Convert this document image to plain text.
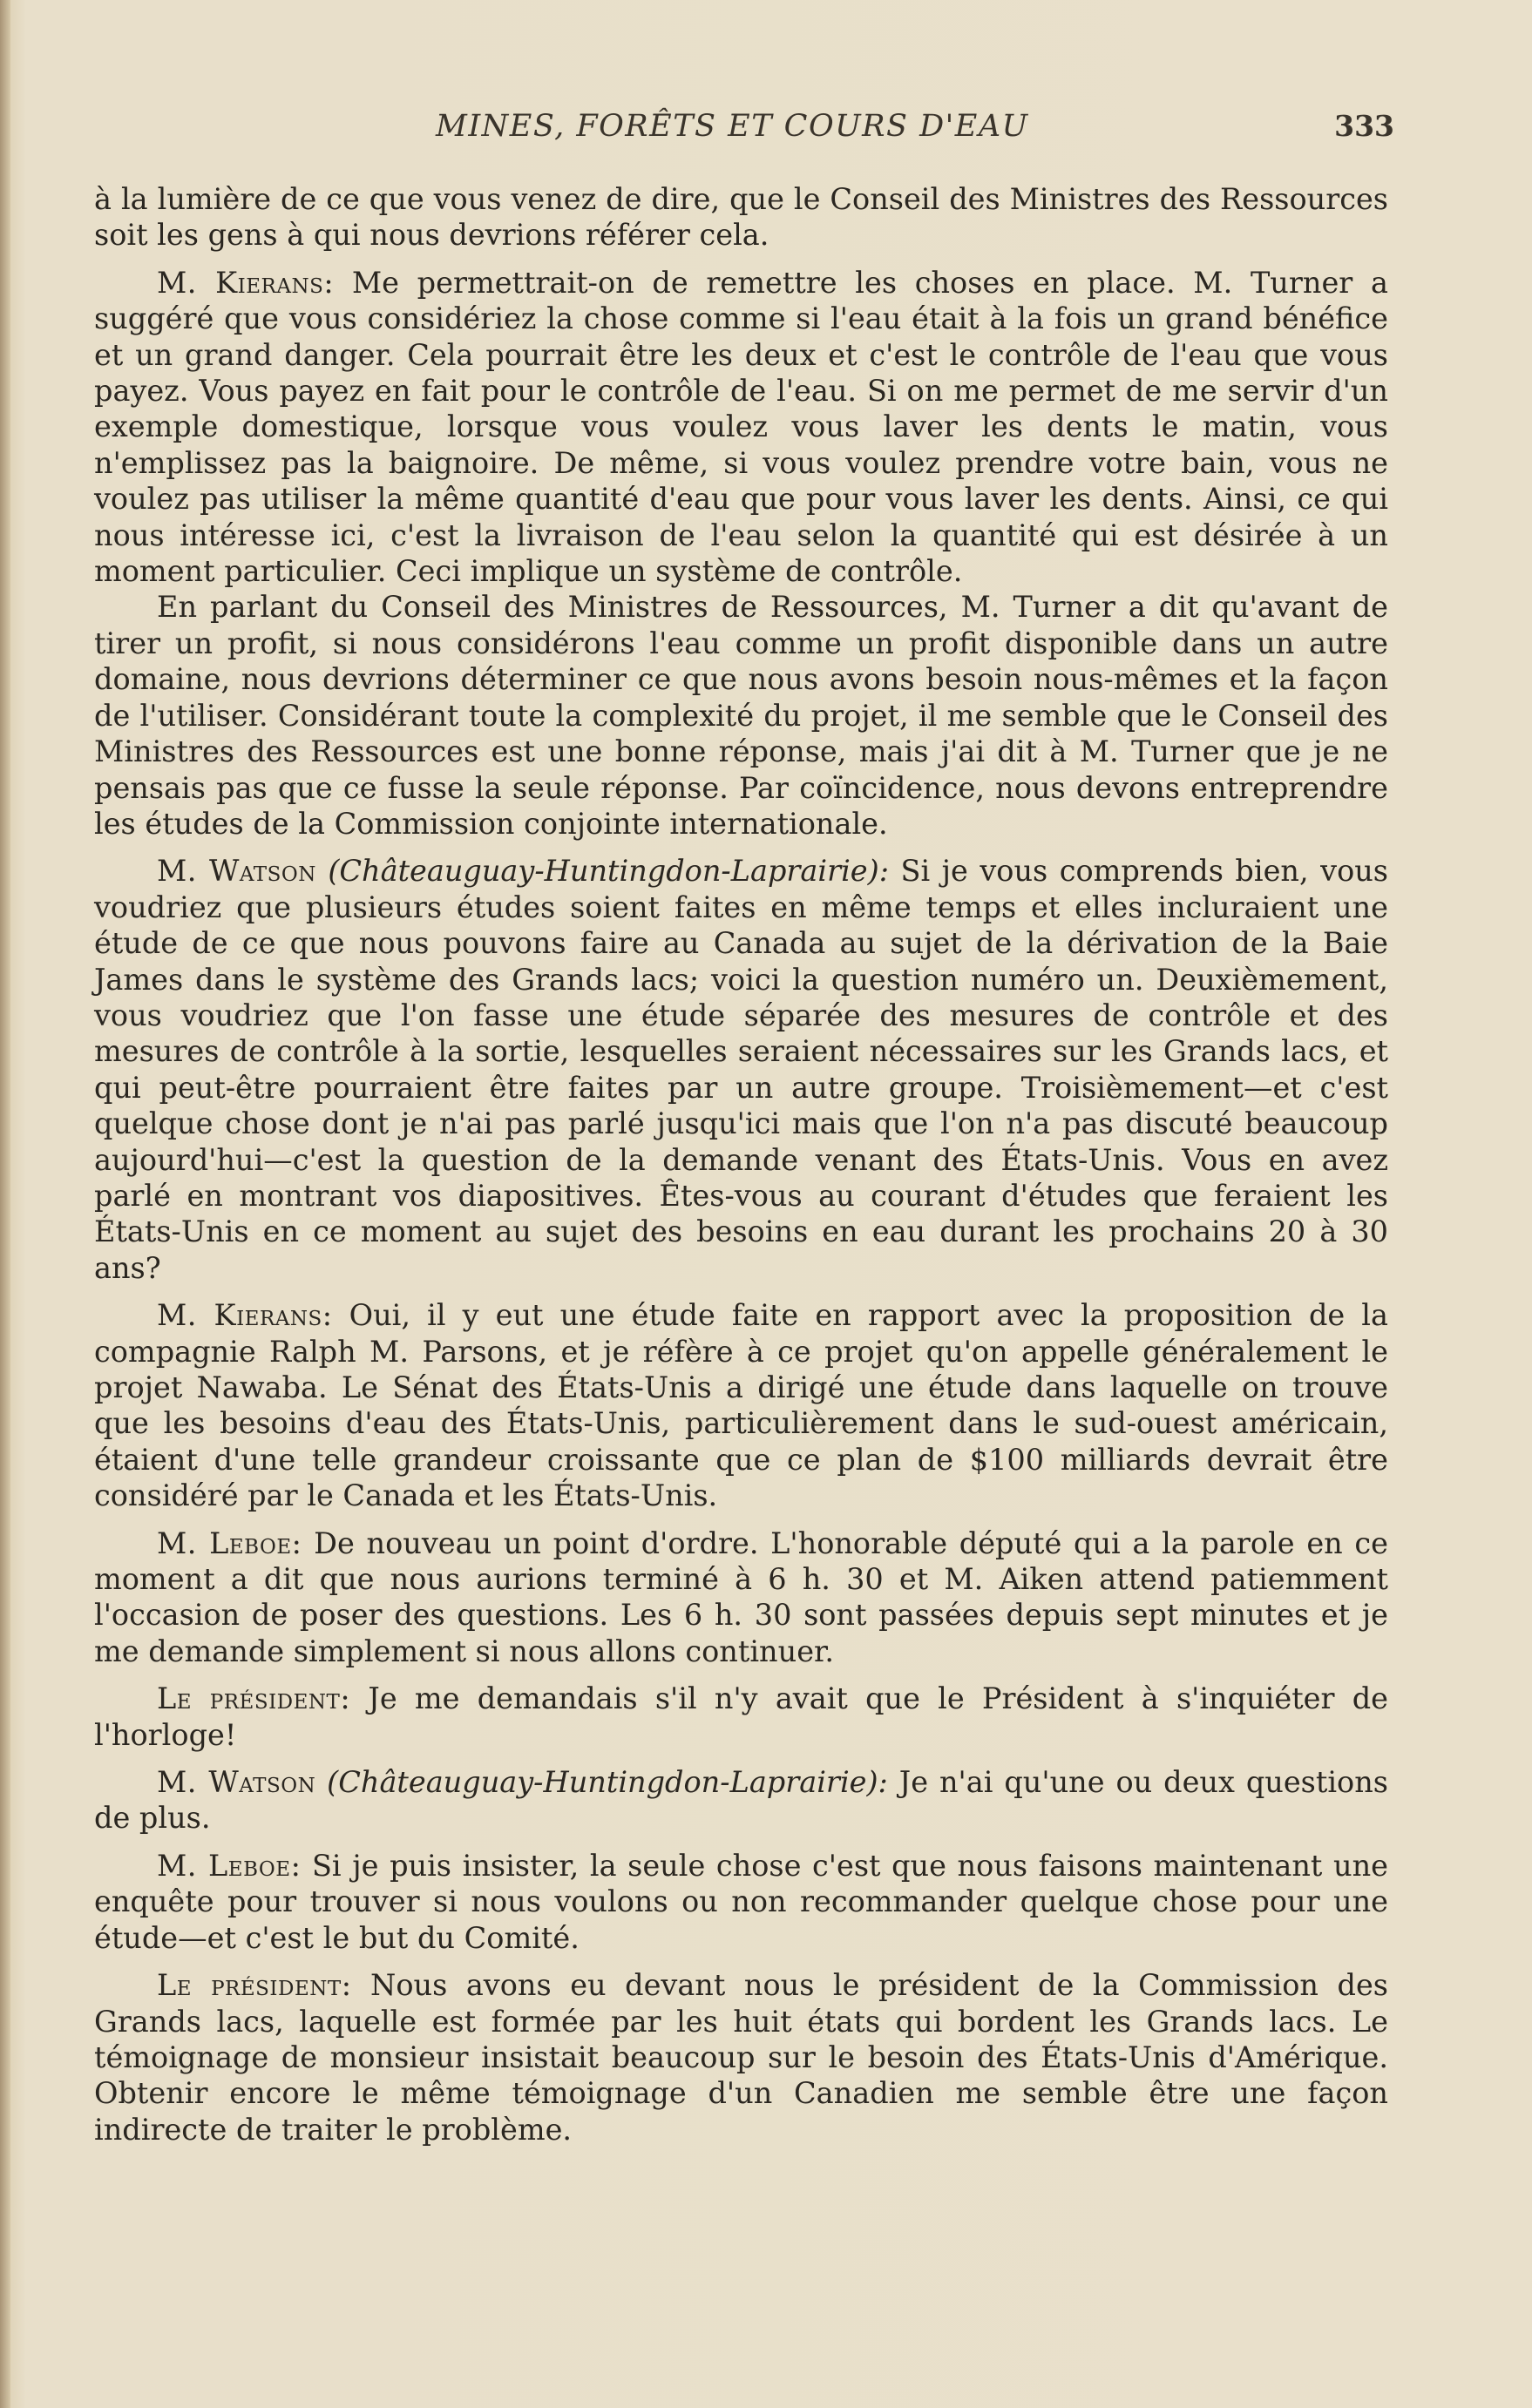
MINES, FORÊTS ET COURS D'EAU	333

à la lumière de ce que vous venez de dire, que le Conseil des Ministres des Ressources soit les gens à qui nous devrions référer cela.

M. Kierans: Me permettrait-on de remettre les choses en place. M. Turner a suggéré que vous considériez la chose comme si l'eau était à la fois un grand bénéfice et un grand danger. Cela pourrait être les deux et c'est le contrôle de l'eau que vous payez. Vous payez en fait pour le contrôle de l'eau. Si on me permet de me servir d'un exemple domestique, lorsque vous voulez vous laver les dents le matin, vous n'emplissez pas la baignoire. De même, si vous voulez prendre votre bain, vous ne voulez pas utiliser la même quantité d'eau que pour vous laver les dents. Ainsi, ce qui nous intéresse ici, c'est la livraison de l'eau selon la quantité qui est désirée à un moment particulier. Ceci implique un système de contrôle.

En parlant du Conseil des Ministres de Ressources, M. Turner a dit qu'avant de tirer un profit, si nous considérons l'eau comme un profit disponible dans un autre domaine, nous devrions déterminer ce que nous avons besoin nous-mêmes et la façon de l'utiliser. Considérant toute la complexité du projet, il me semble que le Conseil des Ministres des Ressources est une bonne réponse, mais j'ai dit à M. Turner que je ne pensais pas que ce fusse la seule réponse. Par coïncidence, nous devons entreprendre les études de la Commission conjointe internationale.

M. Watson (Châteauguay-Huntingdon-Laprairie): Si je vous comprends bien, vous voudriez que plusieurs études soient faites en même temps et elles incluraient une étude de ce que nous pouvons faire au Canada au sujet de la dérivation de la Baie James dans le système des Grands lacs; voici la question numéro un. Deuxièmement, vous voudriez que l'on fasse une étude séparée des mesures de contrôle et des mesures de contrôle à la sortie, lesquelles seraient nécessaires sur les Grands lacs, et qui peut-être pourraient être faites par un autre groupe. Troisièmement—et c'est quelque chose dont je n'ai pas parlé jusqu'ici mais que l'on n'a pas discuté beaucoup aujourd'hui—c'est la question de la demande venant des États-Unis. Vous en avez parlé en montrant vos diapositives. Êtes-vous au courant d'études que feraient les États-Unis en ce moment au sujet des besoins en eau durant les prochains 20 à 30 ans?

M. Kierans: Oui, il y eut une étude faite en rapport avec la proposition de la compagnie Ralph M. Parsons, et je réfère à ce projet qu'on appelle généralement le projet Nawaba. Le Sénat des États-Unis a dirigé une étude dans laquelle on trouve que les besoins d'eau des États-Unis, particulièrement dans le sud-ouest américain, étaient d'une telle grandeur croissante que ce plan de $100 milliards devrait être considéré par le Canada et les États-Unis.

M. Leboe: De nouveau un point d'ordre. L'honorable député qui a la parole en ce moment a dit que nous aurions terminé à 6 h. 30 et M. Aiken attend patiemment l'occasion de poser des questions. Les 6 h. 30 sont passées depuis sept minutes et je me demande simplement si nous allons continuer.

Le président: Je me demandais s'il n'y avait que le Président à s'inquiéter de l'horloge!

M. Watson (Châteauguay-Huntingdon-Laprairie): Je n'ai qu'une ou deux questions de plus.

M. Leboe: Si je puis insister, la seule chose c'est que nous faisons maintenant une enquête pour trouver si nous voulons ou non recommander quelque chose pour une étude—et c'est le but du Comité.

Le président: Nous avons eu devant nous le président de la Commission des Grands lacs, laquelle est formée par les huit états qui bordent les Grands lacs. Le témoignage de monsieur insistait beaucoup sur le besoin des États-Unis d'Amérique. Obtenir encore le même témoignage d'un Canadien me semble être une façon indirecte de traiter le problème.
